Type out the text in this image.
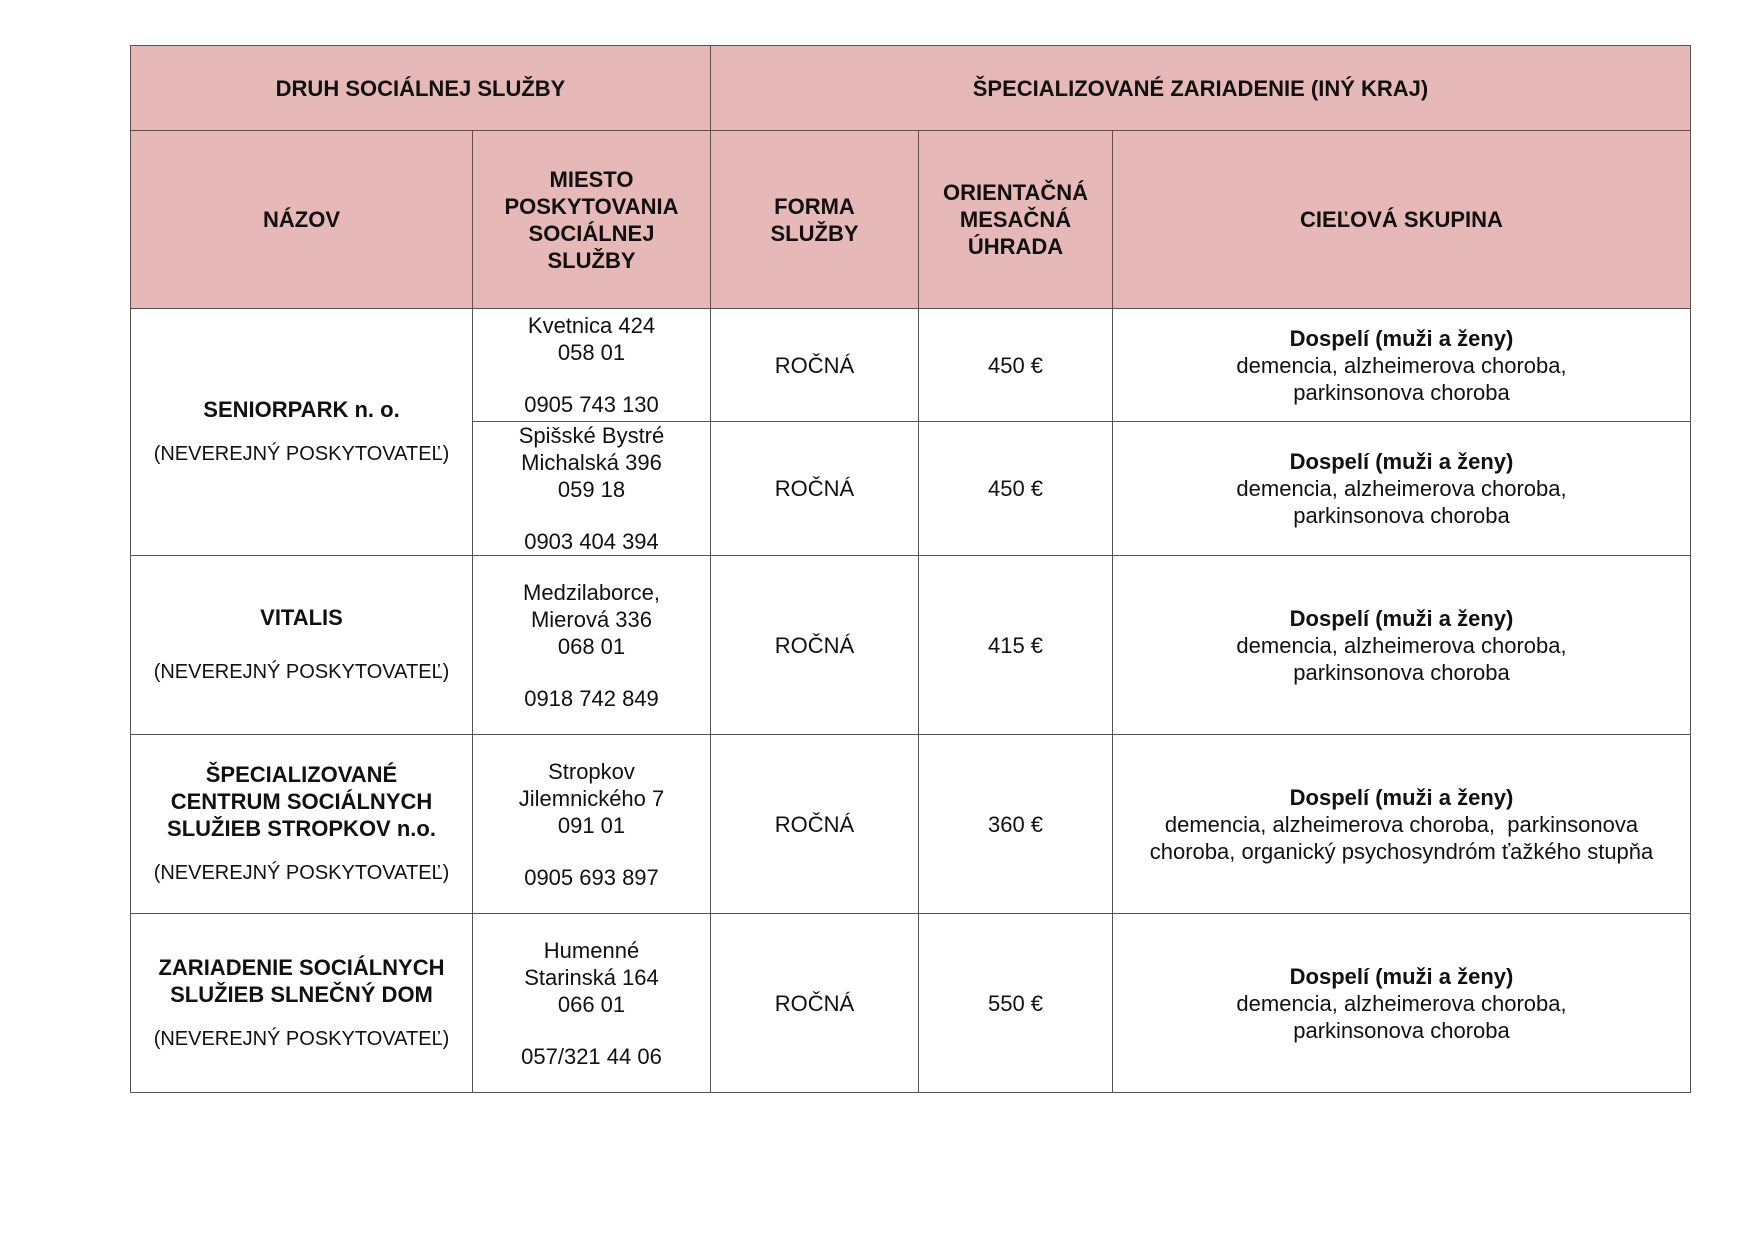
DRUH SOCIÁLNEJ SLUŽBY		ŠPECIALIZOVANÉ ZARIADENIE (INÝ KRAJ)		
NÁZOV	MIESTO
POSKYTOVANIA
SOCIÁLNEJ
SLUŽBY	FORMA
SLUŽBY	ORIENTAČNÁ
MESAČNÁ
ÚHRADA	CIEĽOVÁ SKUPINA

SENIORPARK n. o.
(NEVEREJNÝ POSKYTOVATEĽ)	Kvetnica 424
058 01
0905 743 130	ROČNÁ	450 €	Dospelí (muži a ženy)
demencia, alzheimerova choroba,
parkinsonova choroba

	Spišské Bystré
Michalská 396
059 18
0903 404 394	ROČNÁ	450 €	Dospelí (muži a ženy)
demencia, alzheimerova choroba,
parkinsonova choroba

VITALIS
(NEVEREJNÝ POSKYTOVATEĽ)	Medzilaborce,
Mierová 336
068 01
0918 742 849	ROČNÁ	415 €	Dospelí (muži a ženy)
demencia, alzheimerova choroba,
parkinsonova choroba

ŠPECIALIZOVANÉ
CENTRUM SOCIÁLNYCH
SLUŽIEB STROPKOV n.o.
(NEVEREJNÝ POSKYTOVATEĽ)	Stropkov
Jilemnického 7
091 01
0905 693 897	ROČNÁ	360 €	Dospelí (muži a ženy)
demencia, alzheimerova choroba,  parkinsonova
choroba, organický psychosyndróm ťažkého stupňa

ZARIADENIE SOCIÁLNYCH
SLUŽIEB SLNEČNÝ DOM
(NEVEREJNÝ POSKYTOVATEĽ)	Humenné
Starinská 164
066 01
057/321 44 06	ROČNÁ	550 €	Dospelí (muži a ženy)
demencia, alzheimerova choroba,
parkinsonova choroba
